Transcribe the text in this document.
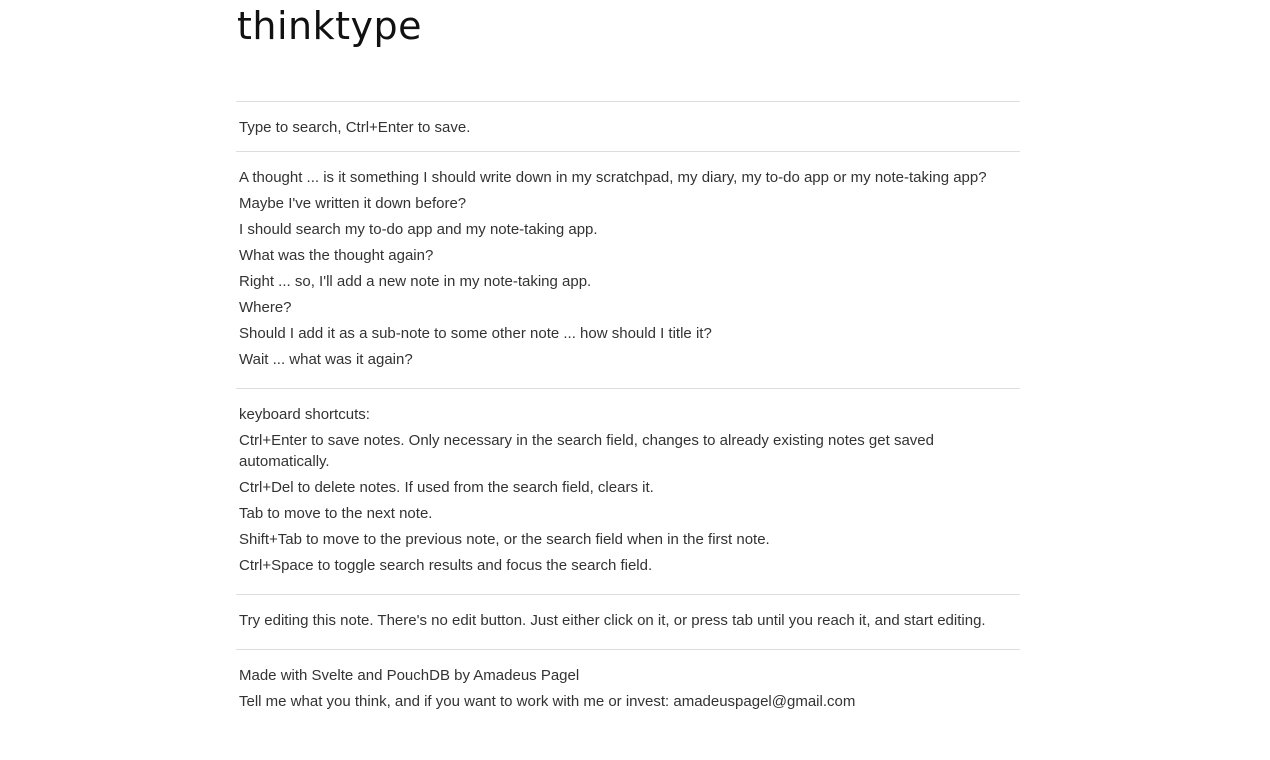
thinktype
Type to search, Ctrl+Enter to save.
A thought ... is it something I should write down in my scratchpad, my diary, my to-do app or my note-taking app?
Maybe I've written it down before?
I should search my to-do app and my note-taking app.
What was the thought again?
Right ... so, I'll add a new note in my note-taking app.
Where?
Should I add it as a sub-note to some other note ... how should I title it?
Wait ... what was it again?
keyboard shortcuts:
Ctrl+Enter to save notes. Only necessary in the search field, changes to already existing notes get saved automatically.
Ctrl+Del to delete notes. If used from the search field, clears it.
Tab to move to the next note.
Shift+Tab to move to the previous note, or the search field when in the first note.
Ctrl+Space to toggle search results and focus the search field.
Try editing this note. There's no edit button. Just either click on it, or press tab until you reach it, and start editing.
Made with Svelte and PouchDB by Amadeus Pagel
Tell me what you think, and if you want to work with me or invest: amadeuspagel@gmail.com
